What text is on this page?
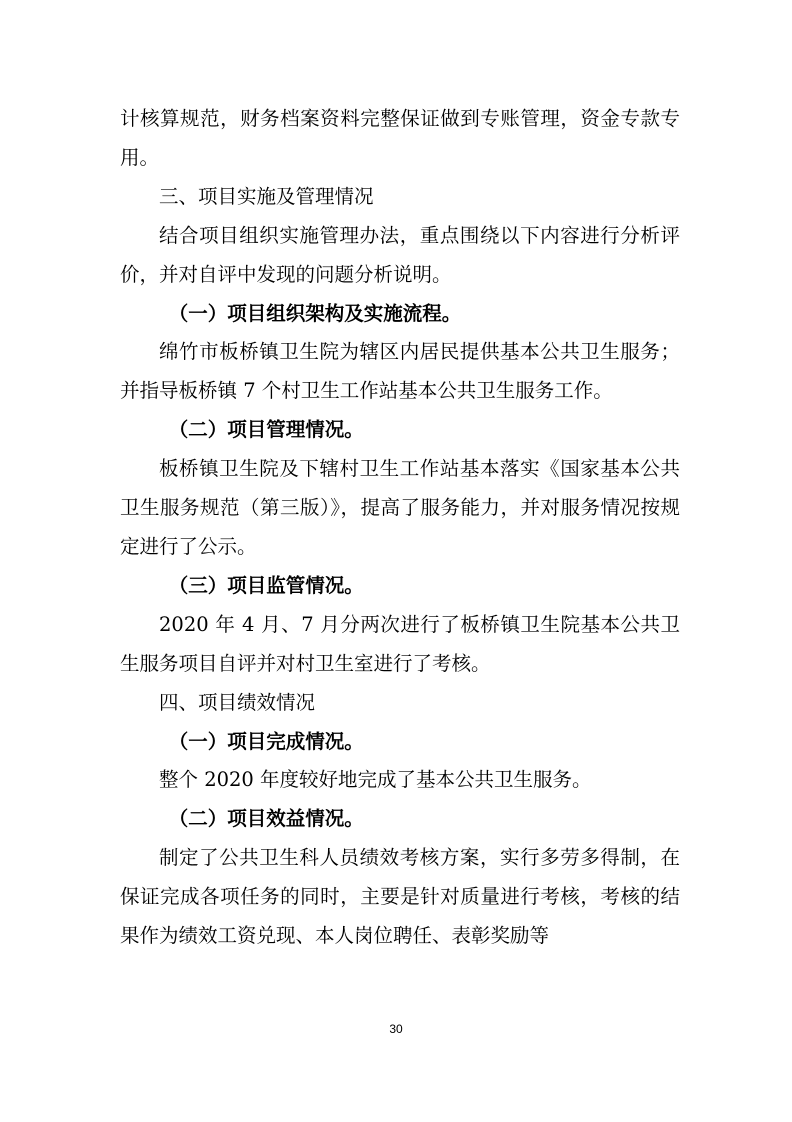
计核算规范，财务档案资料完整保证做到专账管理，资金专款专用。

三、项目实施及管理情况

结合项目组织实施管理办法，重点围绕以下内容进行分析评价，并对自评中发现的问题分析说明。

（一）项目组织架构及实施流程。

绵竹市板桥镇卫生院为辖区内居民提供基本公共卫生服务；并指导板桥镇 7 个村卫生工作站基本公共卫生服务工作。

（二）项目管理情况。

板桥镇卫生院及下辖村卫生工作站基本落实《国家基本公共卫生服务规范（第三版）》，提高了服务能力，并对服务情况按规定进行了公示。

（三）项目监管情况。

2020 年 4 月、7 月分两次进行了板桥镇卫生院基本公共卫生服务项目自评并对村卫生室进行了考核。

四、项目绩效情况

（一）项目完成情况。

整个 2020 年度较好地完成了基本公共卫生服务。

（二）项目效益情况。

制定了公共卫生科人员绩效考核方案，实行多劳多得制，在保证完成各项任务的同时，主要是针对质量进行考核，考核的结果作为绩效工资兑现、本人岗位聘任、表彰奖励等

30
